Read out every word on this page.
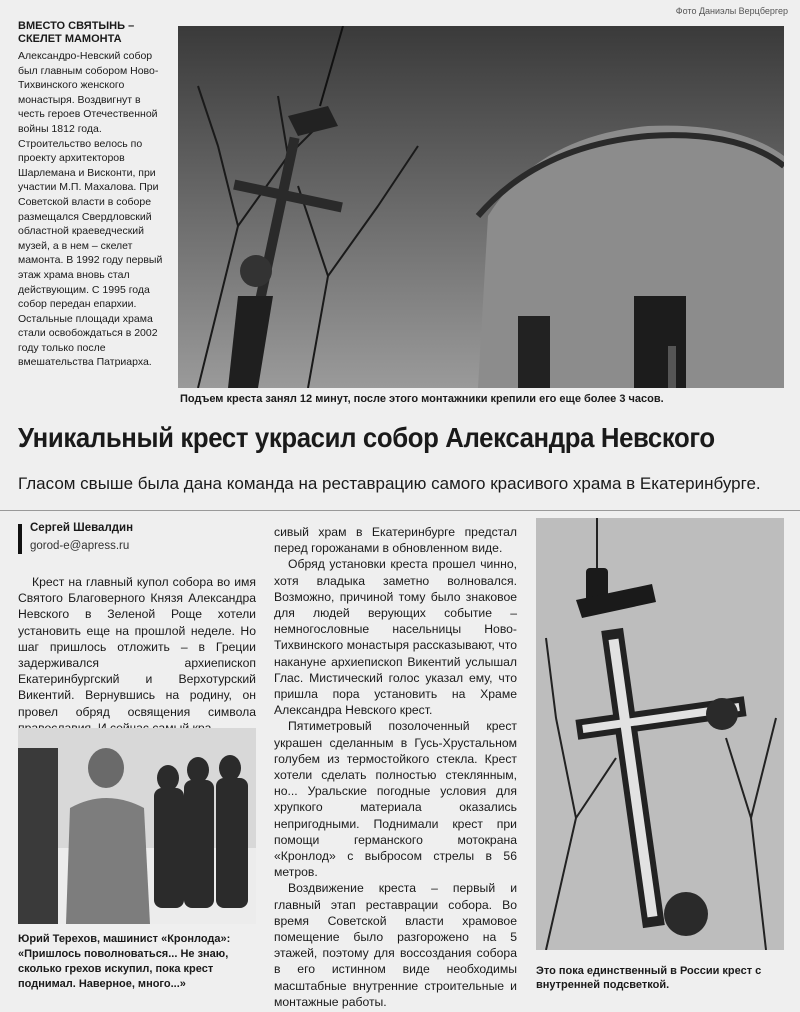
Фото Даниэлы Верцбергер
ВМЕСТО СВЯТЫНЬ – СКЕЛЕТ МАМОНТА
Александро-Невский собор был главным собором Ново-Тихвинского женского монастыря. Воздвигнут в честь героев Отечественной войны 1812 года. Строительство велось по проекту архитекторов Шарлемана и Висконти, при участии М.П. Махалова. При Советской власти в соборе размещался Свердловский областной краеведческий музей, а в нем – скелет мамонта. В 1992 году первый этаж храма вновь стал действующим. С 1995 года собор передан епархии. Остальные площади храма стали освобождаться в 2002 году только после вмешательства Патриарха.
Подъем креста занял 12 минут, после этого монтажники крепили его еще более 3 часов.
Уникальный крест украсил собор Александра Невского
Гласом свыше была дана команда на реставрацию самого красивого храма в Екатеринбурге.
Сергей Шевалдин
gorod-e@apress.ru

Крест на главный купол собора во имя Святого Благоверного Князя Александра Невского в Зеленой Роще хотели установить еще на прошлой неделе. Но шаг пришлось отложить – в Греции задерживался архиепископ Екатеринбургский и Верхотурский Викентий. Вернувшись на родину, он провел обряд освящения символа

Юрий Терехов, машинист «Кронлода»: «Пришлось поволноваться... Не знаю, сколько грехов искупил, пока крест поднимал. Наверное, много...»

сивый храм в Екатеринбурге предстал перед горожанами в обновленном виде.

Обряд установки креста прошел чинно, хотя владыка заметно волновался. Возможно, причиной тому было знаковое для людей верующих событие – немногословные насельницы Ново-Тихвинского монастыря рассказывают, что накануне архиепископ Викентий услышал Глас. Мистический голос указал ему, что пришла пора установить на Храме Александра Невского крест.

Пятиметровый позолоченный крест украшен сделанным в Гусь-Хрустальном голубем из термостойкого стекла. Крест хотели сделать полностью стеклянным, но... Уральские погодные условия для хрупкого материала оказались непригодными. Поднимали крест при помощи германского мотокрана «Кронлод» с выбросом стрелы в 56 метров.

Воздвижение креста – первый и главный этап реставрации собора. Во время Советской власти храмовое помещение было разгорожено на 5 этажей, поэтому для воссоздания собора в его истинном виде необходимы масштабные внутренние строительные и монтажные работы.

Это пока единственный в России крест с внутренней подсветкой.
